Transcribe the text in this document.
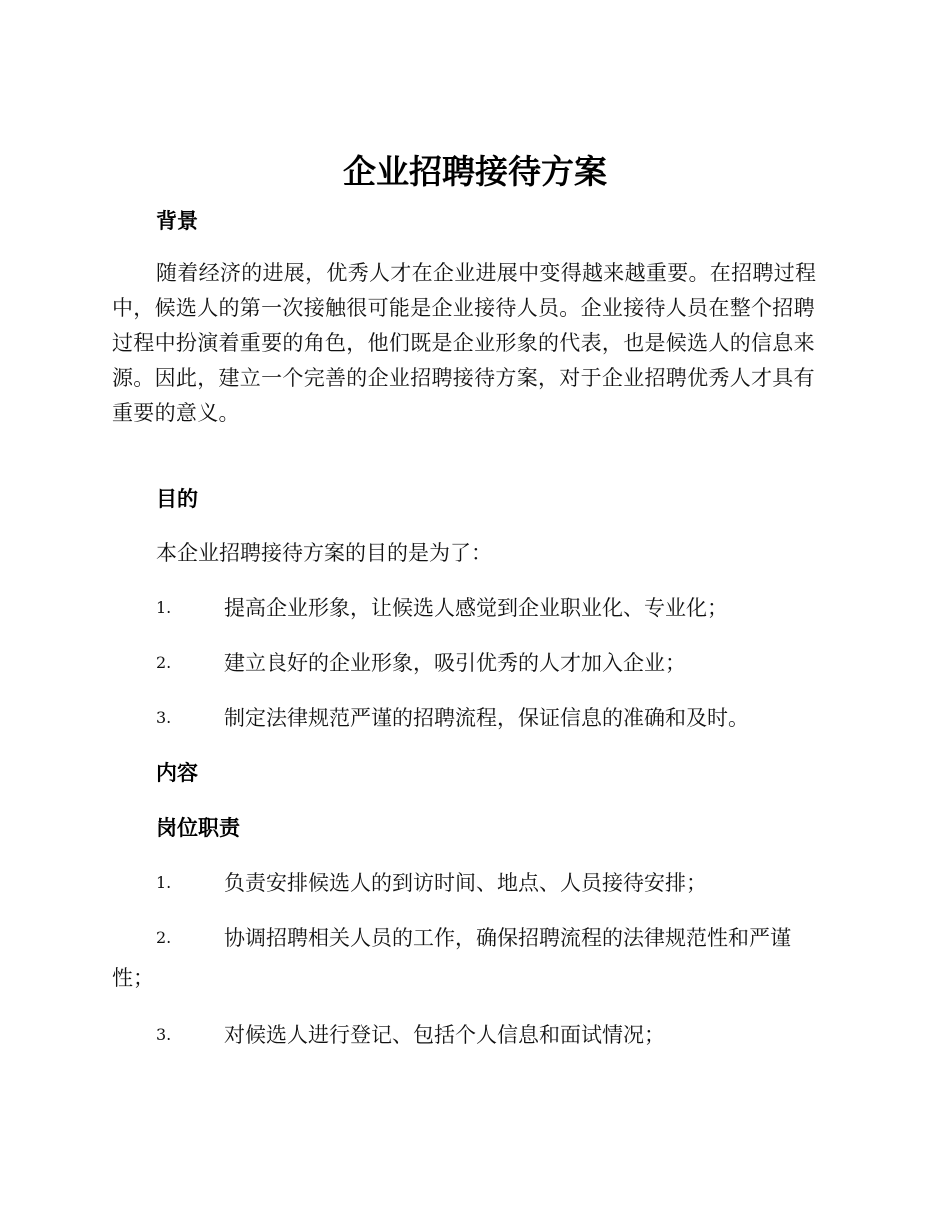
企业招聘接待方案
背景
随着经济的进展，优秀人才在企业进展中变得越来越重要。在招聘过程
中，候选人的第一次接触很可能是企业接待人员。企业接待人员在整个招聘
过程中扮演着重要的角色，他们既是企业形象的代表，也是候选人的信息来
源。因此，建立一个完善的企业招聘接待方案，对于企业招聘优秀人才具有
重要的意义。
目的

本企业招聘接待方案的目的是为了：

1.	提高企业形象，让候选人感觉到企业职业化、专业化；
2.	建立良好的企业形象，吸引优秀的人才加入企业；
3.	制定法律规范严谨的招聘流程，保证信息的准确和及时。
内容
岗位职责
1.	负责安排候选人的到访时间、地点、人员接待安排；
2.	协调招聘相关人员的工作，确保招聘流程的法律规范性和严谨
性；
3.	对候选人进行登记、包括个人信息和面试情况；
